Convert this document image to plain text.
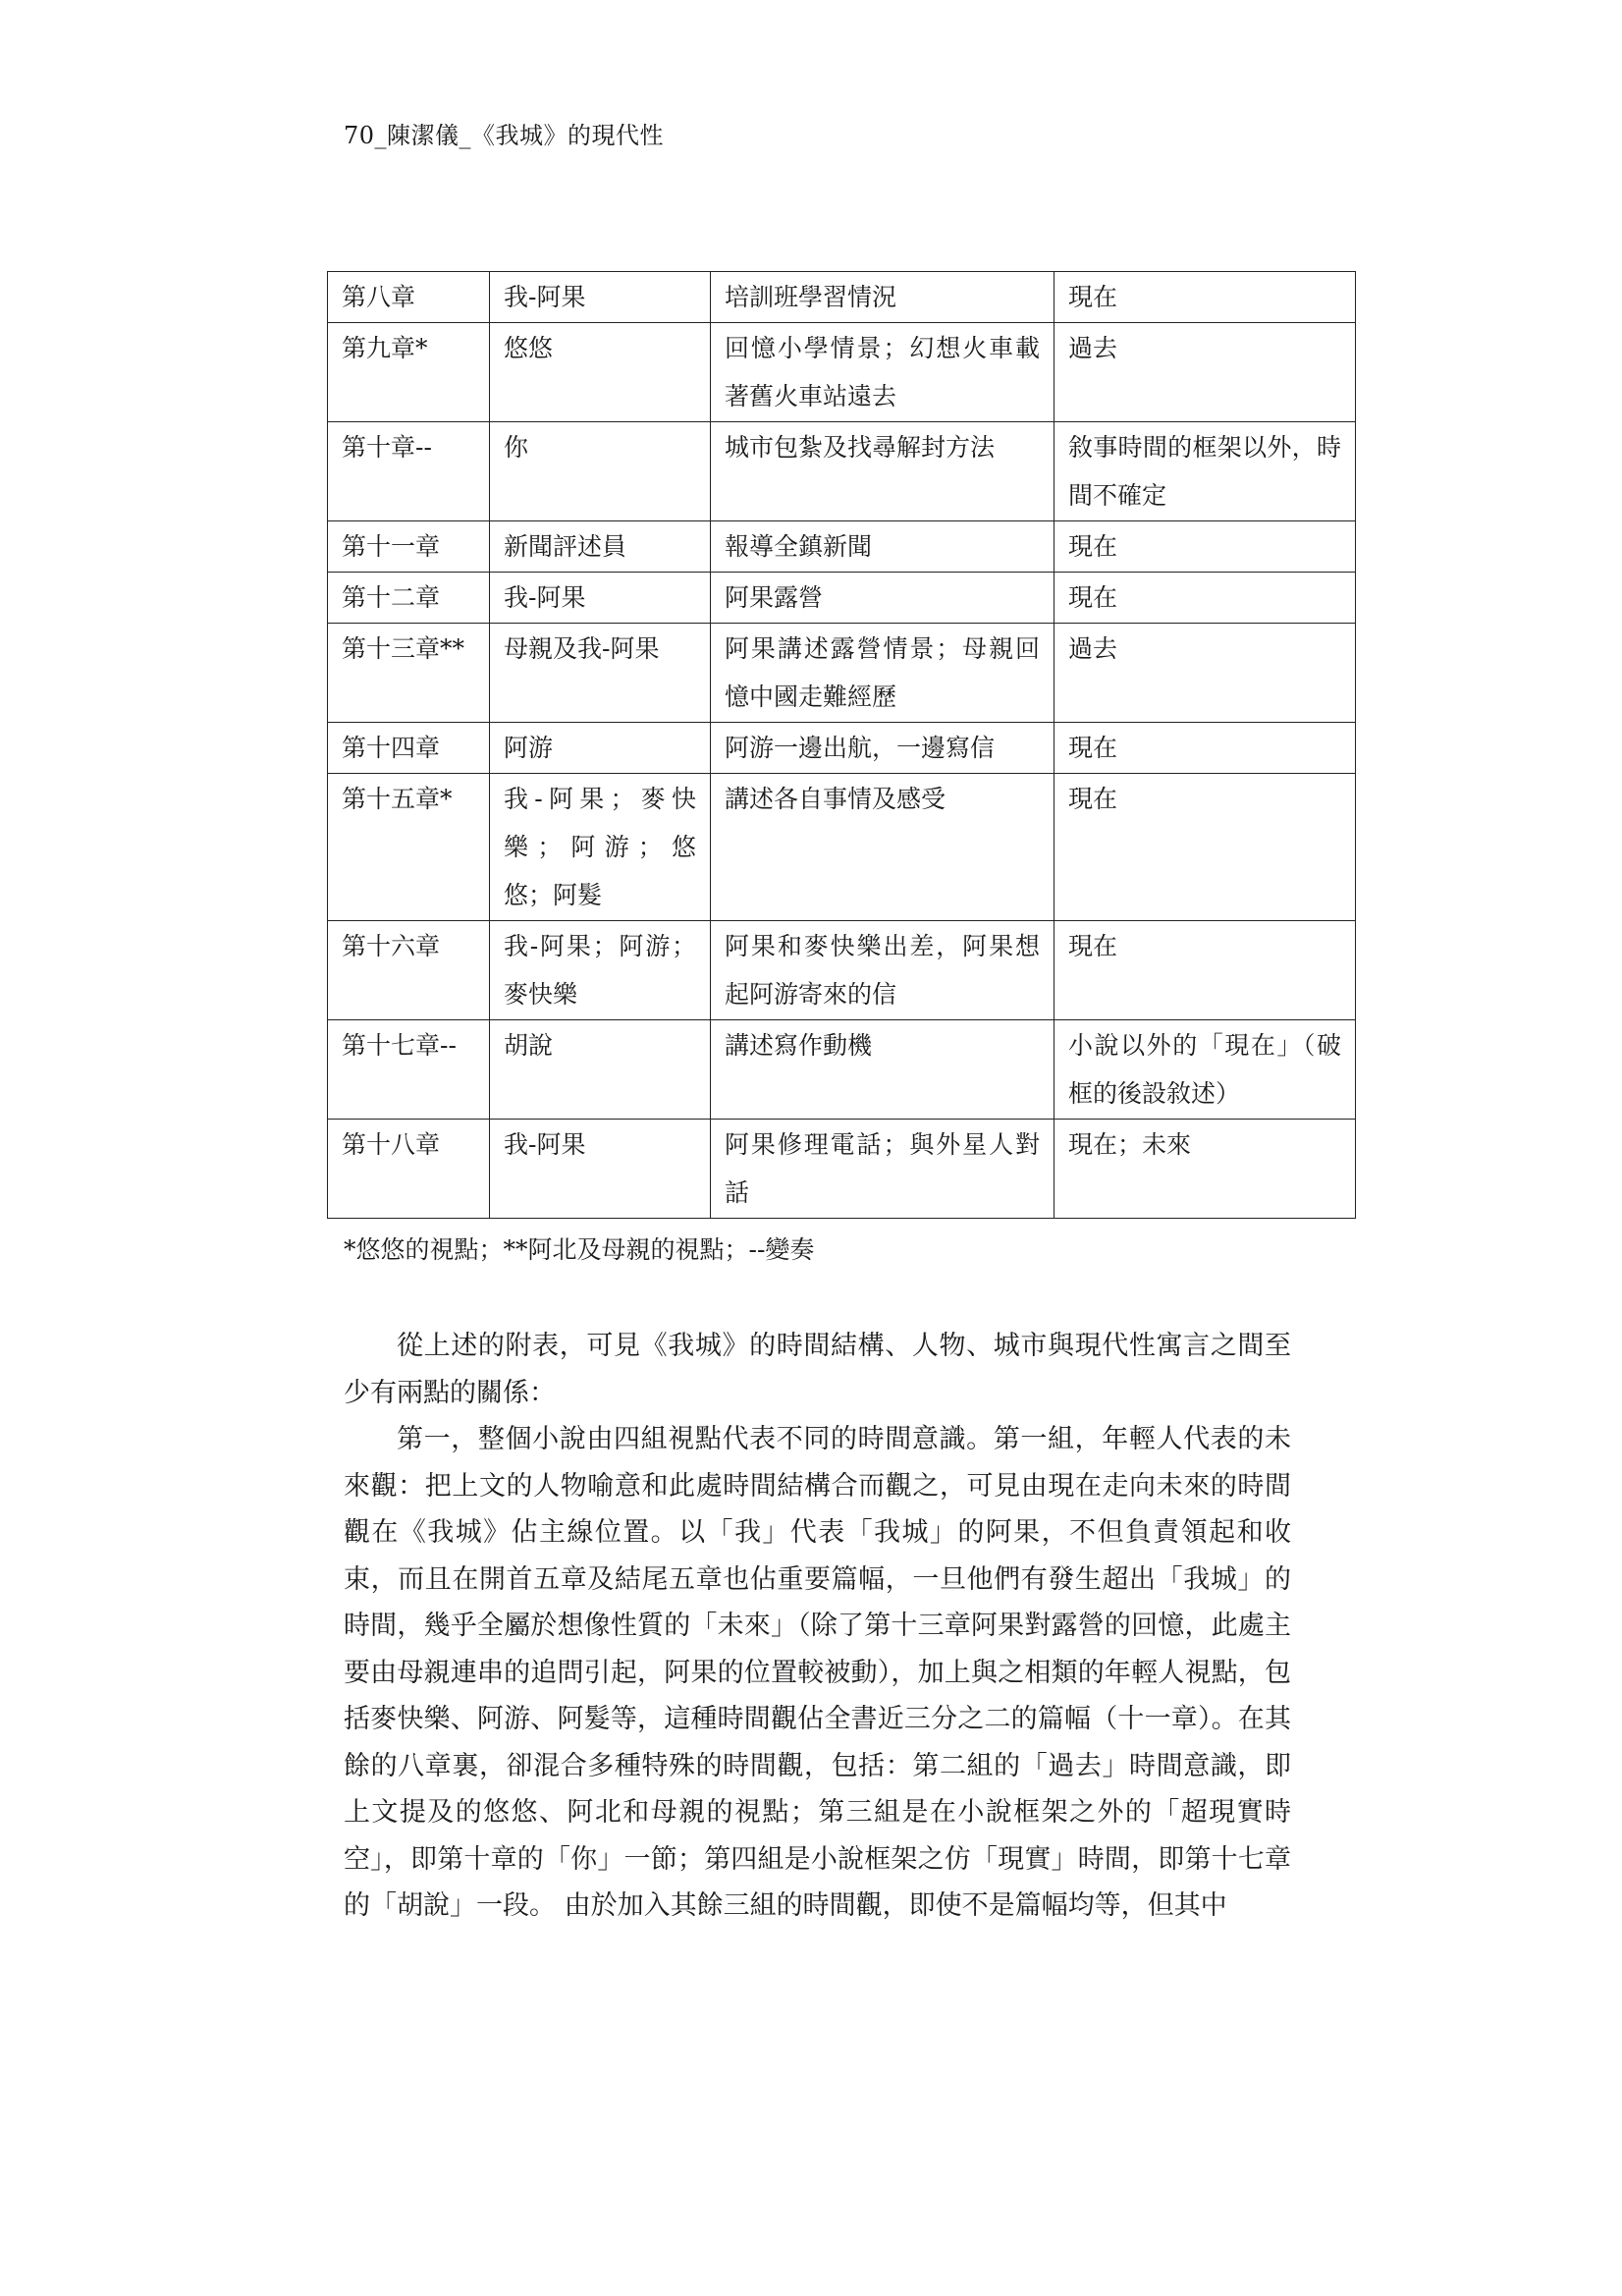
70_陳潔儀_《我城》的現代性
第八章	我-阿果	培訓班學習情況	現在
第九章*	悠悠	回憶小學情景；幻想火車載著舊火車站遠去	過去
第十章--	你	城市包紮及找尋解封方法	敘事時間的框架以外，時間不確定
第十一章	新聞評述員	報導全鎮新聞	現在
第十二章	我-阿果	阿果露營	現在
第十三章**	母親及我-阿果	阿果講述露營情景；母親回憶中國走難經歷	過去
第十四章	阿游	阿游一邊出航，一邊寫信	現在
第十五章*	我-阿果；麥快樂；阿游；悠悠；阿髮	講述各自事情及感受	現在
第十六章	我-阿果；阿游；麥快樂	阿果和麥快樂出差，阿果想起阿游寄來的信	現在
第十七章--	胡說	講述寫作動機	小說以外的「現在」（破框的後設敘述）
第十八章	我-阿果	阿果修理電話；與外星人對話	現在；未來
*悠悠的視點；**阿北及母親的視點；--變奏

從上述的附表，可見《我城》的時間結構、人物、城市與現代性寓言之間至少有兩點的關係：

第一，整個小說由四組視點代表不同的時間意識。第一組，年輕人代表的未來觀：把上文的人物喻意和此處時間結構合而觀之，可見由現在走向未來的時間觀在《我城》佔主線位置。以「我」代表「我城」的阿果，不但負責領起和收束，而且在開首五章及結尾五章也佔重要篇幅，一旦他們有發生超出「我城」的時間，幾乎全屬於想像性質的「未來」（除了第十三章阿果對露營的回憶，此處主要由母親連串的追問引起，阿果的位置較被動），加上與之相類的年輕人視點，包括麥快樂、阿游、阿髮等，這種時間觀佔全書近三分之二的篇幅（十一章）。在其餘的八章裏，卻混合多種特殊的時間觀，包括：第二組的「過去」時間意識，即上文提及的悠悠、阿北和母親的視點；第三組是在小說框架之外的「超現實時空」，即第十章的「你」一節；第四組是小說框架之仿「現實」時間，即第十七章的「胡說」一段。 由於加入其餘三組的時間觀，即使不是篇幅均等，但其中
